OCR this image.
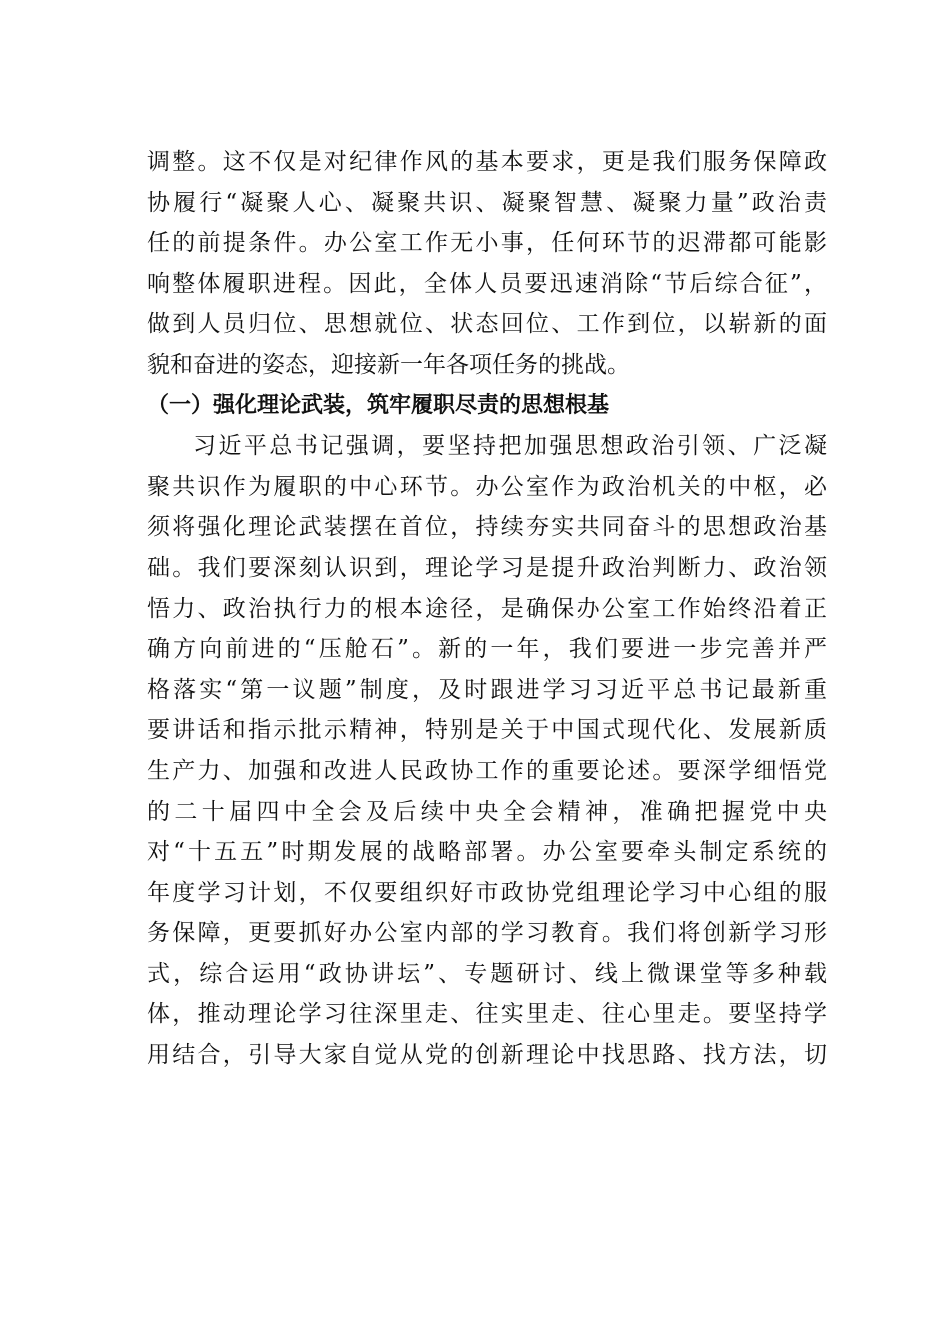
调整。这不仅是对纪律作风的基本要求，更是我们服务保障政
协履行“凝聚人心、凝聚共识、凝聚智慧、凝聚力量”政治责
任的前提条件。办公室工作无小事，任何环节的迟滞都可能影
响整体履职进程。因此，全体人员要迅速消除“节后综合征”，
做到人员归位、思想就位、状态回位、工作到位，以崭新的面
貌和奋进的姿态，迎接新一年各项任务的挑战。
（一）强化理论武装，筑牢履职尽责的思想根基
习近平总书记强调，要坚持把加强思想政治引领、广泛凝
聚共识作为履职的中心环节。办公室作为政治机关的中枢，必
须将强化理论武装摆在首位，持续夯实共同奋斗的思想政治基
础。我们要深刻认识到，理论学习是提升政治判断力、政治领
悟力、政治执行力的根本途径，是确保办公室工作始终沿着正
确方向前进的“压舱石”。新的一年，我们要进一步完善并严
格落实“第一议题”制度，及时跟进学习习近平总书记最新重
要讲话和指示批示精神，特别是关于中国式现代化、发展新质
生产力、加强和改进人民政协工作的重要论述。要深学细悟党
的二十届四中全会及后续中央全会精神，准确把握党中央
对“十五五”时期发展的战略部署。办公室要牵头制定系统的
年度学习计划，不仅要组织好市政协党组理论学习中心组的服
务保障，更要抓好办公室内部的学习教育。我们将创新学习形
式，综合运用“政协讲坛”、专题研讨、线上微课堂等多种载
体，推动理论学习往深里走、往实里走、往心里走。要坚持学
用结合，引导大家自觉从党的创新理论中找思路、找方法，切
